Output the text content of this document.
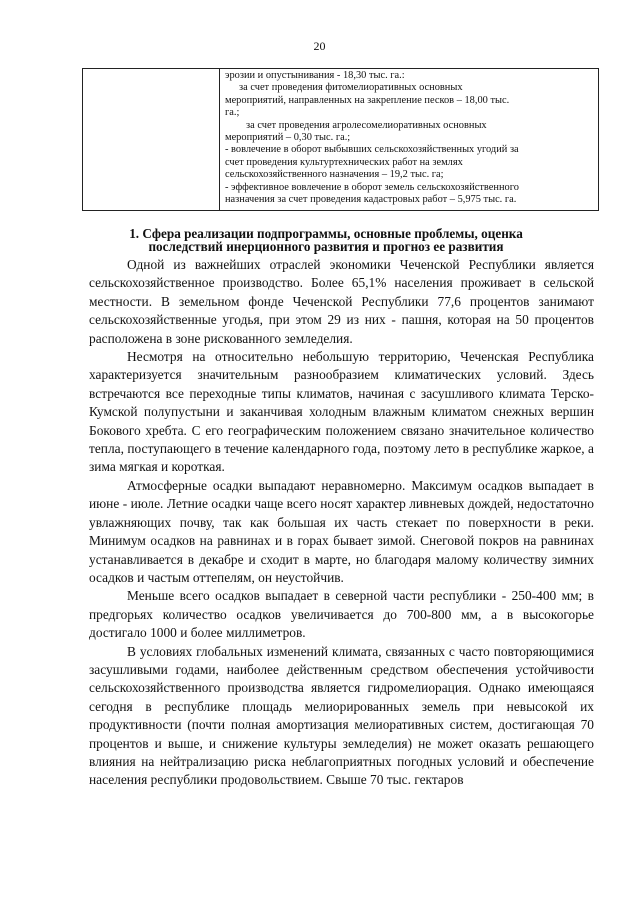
20
эрозии и опустынивания - 18,30 тыс. га.:
за счет проведения фитомелиоративных основных
мероприятий, направленных на закрепление песков – 18,00 тыс.
га.;
за счет проведения агролесомелиоративных основных
мероприятий – 0,30 тыс. га.;
- вовлечение в оборот выбывших сельскохозяйственных угодий за
счет проведения культуртехнических работ на землях
сельскохозяйственного назначения – 19,2 тыс. га;
- эффективное вовлечение в оборот земель сельскохозяйственного
назначения за счет проведения кадастровых работ – 5,975 тыс. га.
1. Сфера реализации подпрограммы, основные проблемы, оценка последствий инерционного развития и прогноз ее развития

Одной из важнейших отраслей экономики Чеченской Республики является сельскохозяйственное производство. Более 65,1% населения проживает в сельской местности. В земельном фонде Чеченской Республики 77,6 процентов занимают сельскохозяйственные угодья, при этом 29 из них - пашня, которая на 50 процентов расположена в зоне рискованного земледелия.

Несмотря на относительно небольшую территорию, Чеченская Республика характеризуется значительным разнообразием климатических условий. Здесь встречаются все переходные типы климатов, начиная с засушливого климата Терско-Кумской полупустыни и заканчивая холодным влажным климатом снежных вершин Бокового хребта. С его географическим положением связано значительное количество тепла, поступающего в течение календарного года, поэтому лето в республике жаркое, а зима мягкая и короткая.

Атмосферные осадки выпадают неравномерно. Максимум осадков выпадает в июне - июле. Летние осадки чаще всего носят характер ливневых дождей, недостаточно увлажняющих почву, так как большая их часть стекает по поверхности в реки. Минимум осадков на равнинах и в горах бывает зимой. Снеговой покров на равнинах устанавливается в декабре и сходит в марте, но благодаря малому количеству зимних осадков и частым оттепелям, он неустойчив.

Меньше всего осадков выпадает в северной части республики - 250-400 мм; в предгорьях количество осадков увеличивается до 700-800 мм, а в высокогорье достигало 1000 и более миллиметров.

В условиях глобальных изменений климата, связанных с часто повторяющимися засушливыми годами, наиболее действенным средством обеспечения устойчивости сельскохозяйственного производства является гидромелиорация. Однако имеющаяся сегодня в республике площадь мелиорированных земель при невысокой их продуктивности (почти полная амортизация мелиоративных систем, достигающая 70 процентов и выше, и снижение культуры земледелия) не может оказать решающего влияния на нейтрализацию риска неблагоприятных погодных условий и обеспечение населения республики продовольствием. Свыше 70 тыс. гектаров
